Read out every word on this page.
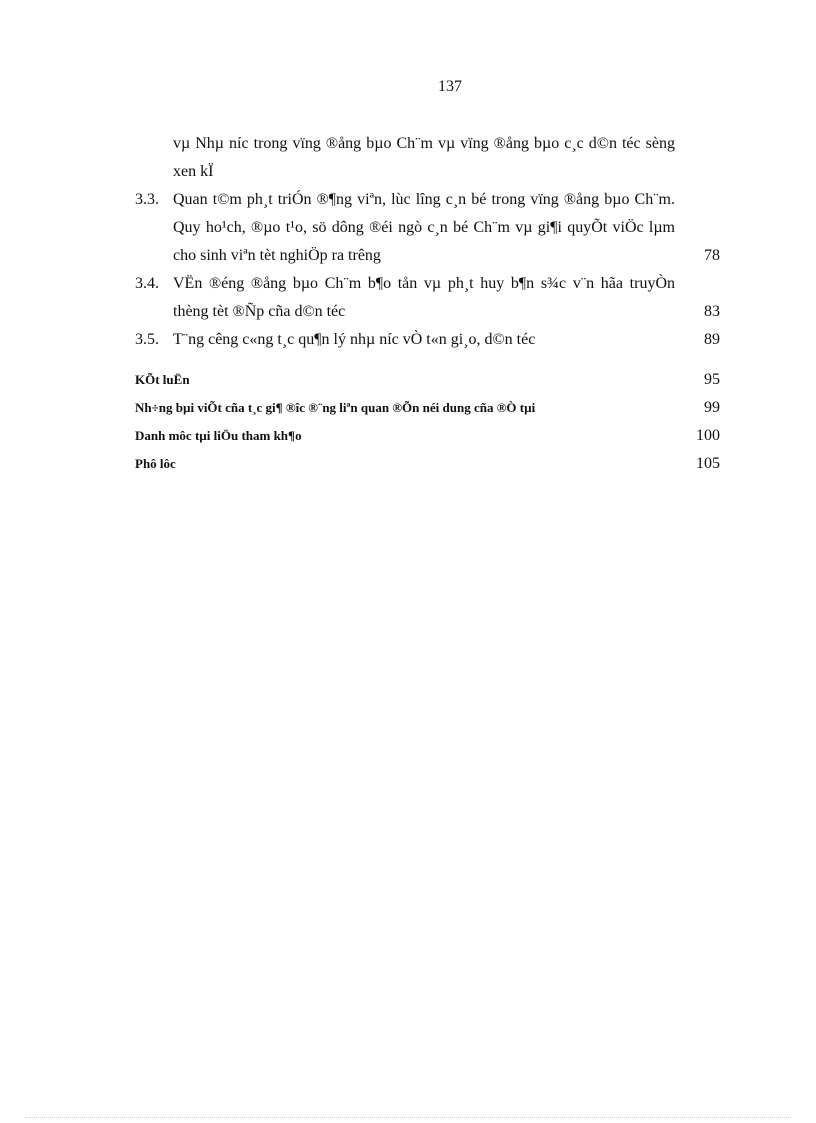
137
vµ Nhµ níc trong vïng ®ång bµo Ch¨m vµ vïng ®ång bµo c¸c d©n téc sèng xen kÏ
3.3. Quan t©m ph¸t triÓn ®¶ng viªn, lùc lîng c¸n bé trong vïng ®ång bµo Ch¨m. Quy ho¹ch, ®µo t¹o, sö dông ®éi ngò c¸n bé Ch¨m vµ gi¶i quyÕt viÖc lµm cho sinh viªn tèt nghiÖp ra trêng	78
3.4. VËn ®éng ®ång bµo Ch¨m b¶o tån vµ ph¸t huy b¶n s¾c v¨n hãa truyÒn thèng tèt ®Ñp cña d©n téc	83
3.5. T¨ng cêng c«ng t¸c qu¶n lý nhµ níc vÒ t«n gi¸o, d©n téc	89
KÕt luËn	95
Nh÷ng bµi viÕt cña t¸c gi¶ ®îc ®¨ng liªn quan ®Õn néi dung cña ®Ò tµi	99
Danh môc tµi liÖu tham kh¶o	100
Phô lôc	105
